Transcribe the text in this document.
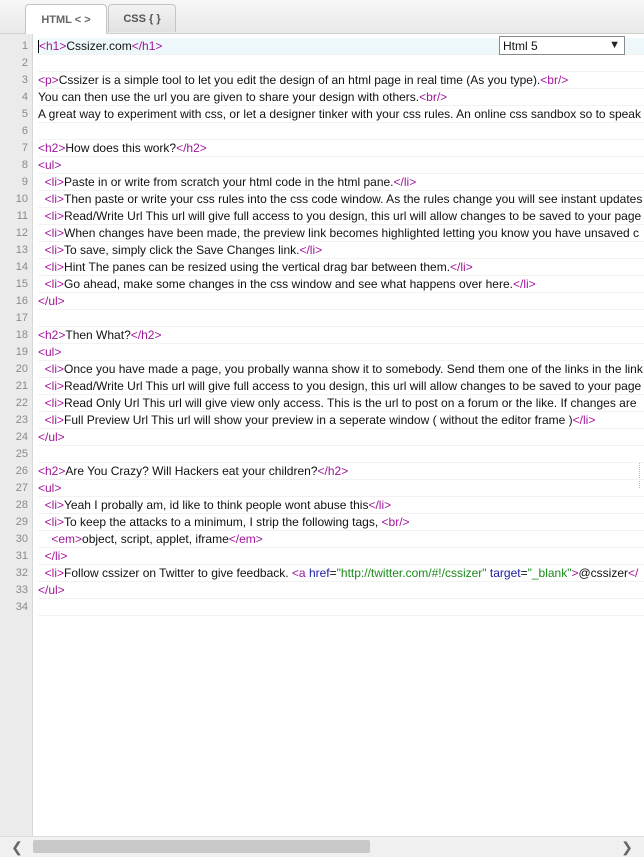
HTML < >	CSS { }
1 <h1>Cssizer.com</h1>
2
3 <p>Cssizer is a simple tool to let you edit the design of an html page in real time (As you type).<br/>
4 You can then use the url you are given to share your design with others.<br/>
5 A great way to experiment with css, or let a designer tinker with your css rules. An online css sandbox so to speak
6
7 <h2>How does this work?</h2>
8 <ul>
9	<li>Paste in or write from scratch your html code in the html pane.</li>
10	<li>Then paste or write your css rules into the css code window. As the rules change you will see instant updates
11	<li>Read/Write Url This url will give full access to you design, this url will allow changes to be saved to your page
12	<li>When changes have been made, the preview link becomes highlighted letting you know you have unsaved c
13	<li>To save, simply click the Save Changes link.</li>
14	<li>Hint The panes can be resized using the vertical drag bar between them.</li>
15	<li>Go ahead, make some changes in the css window and see what happens over here.</li>
16 </ul>
17
18 <h2>Then What?</h2>
19 <ul>
20	<li>Once you have made a page, you probally wanna show it to somebody. Send them one of the links in the link
21	<li>Read/Write Url This url will give full access to you design, this url will allow changes to be saved to your page
22	<li>Read Only Url This url will give view only access. This is the url to post on a forum or the like. If changes are
23	<li>Full Preview Url This url will show your preview in a seperate window ( without the editor frame )</li>
24 </ul>
25
26 <h2>Are You Crazy? Will Hackers eat your children?</h2>
27 <ul>
28	<li>Yeah I probally am, id like to think people wont abuse this</li>
29	<li>To keep the attacks to a minimum, I strip the following tags, <br/>
30	<em>object, script, applet, iframe</em>
31	</li>
32	<li>Follow cssizer on Twitter to give feedback. <a href="http://twitter.com/#!/cssizer" target="_blank">@cssizer</
33 </ul>
34
Html 5	▼
❮	❯
